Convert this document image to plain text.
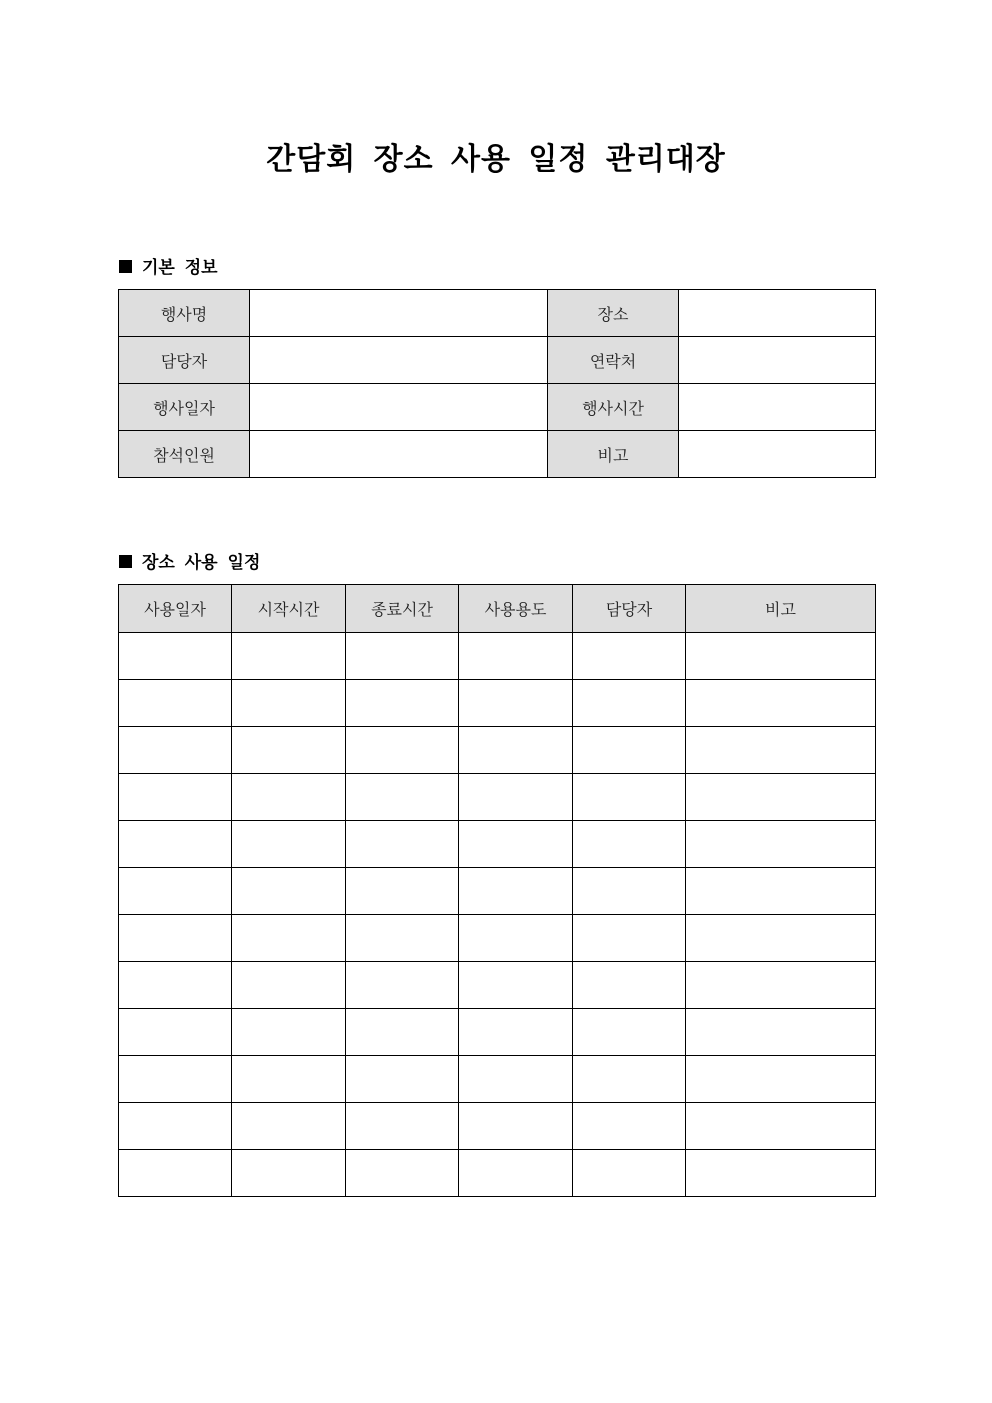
간담회 장소 사용 일정 관리대장
기본 정보
행사명		장소	
담당자		연락처	
행사일자		행사시간	
참석인원		비고	
장소 사용 일정
사용일자	시작시간	종료시간	사용용도	담당자	비고
